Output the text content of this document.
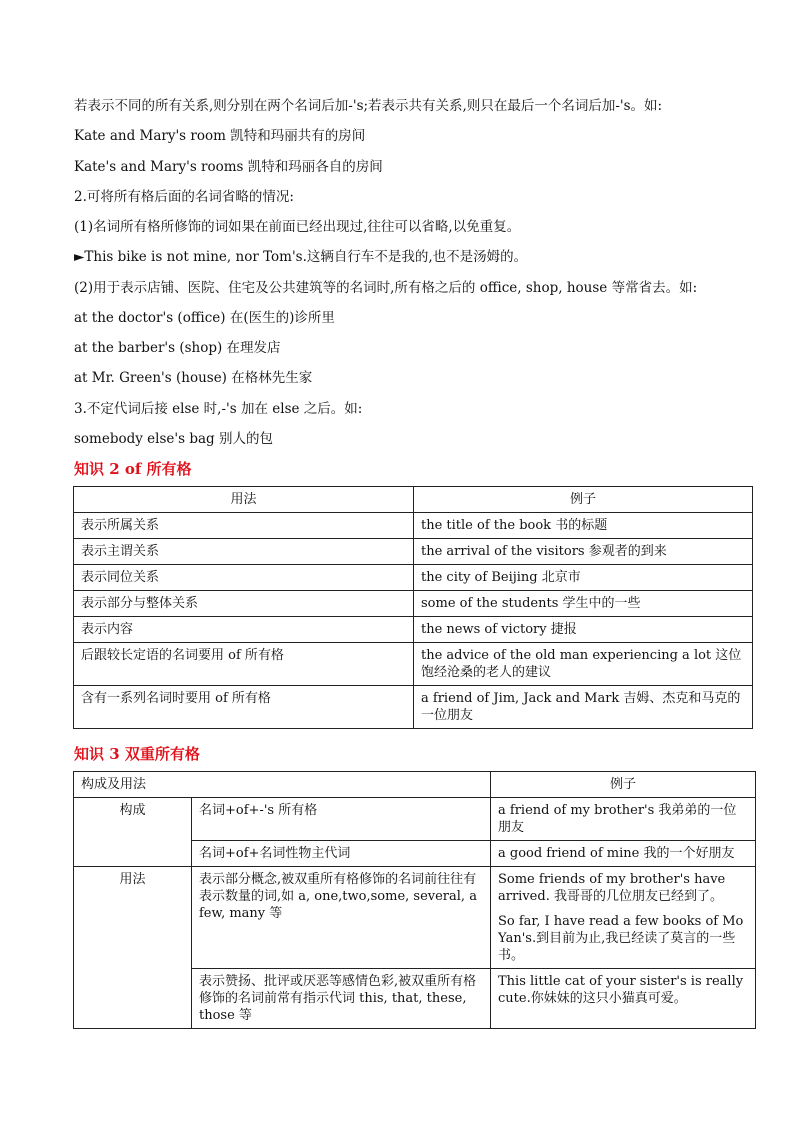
若表示不同的所有关系,则分别在两个名词后加-'s;若表示共有关系,则只在最后一个名词后加-'s。如:
Kate and Mary's room 凯特和玛丽共有的房间
Kate's and Mary's rooms 凯特和玛丽各自的房间
2.可将所有格后面的名词省略的情况:
(1)名词所有格所修饰的词如果在前面已经出现过,往往可以省略,以免重复。
►This bike is not mine, nor Tom's.这辆自行车不是我的,也不是汤姆的。
(2)用于表示店铺、医院、住宅及公共建筑等的名词时,所有格之后的 office, shop, house 等常省去。如:
at the doctor's (office) 在(医生的)诊所里
at the barber's (shop) 在理发店
at Mr. Green's (house) 在格林先生家
3.不定代词后接 else 时,-'s 加在 else 之后。如:
somebody else's bag 别人的包
知识 2 of 所有格
用法	例子
表示所属关系	the title of the book 书的标题
表示主谓关系	the arrival of the visitors 参观者的到来
表示同位关系	the city of Beijing 北京市
表示部分与整体关系	some of the students 学生中的一些
表示内容	the news of victory 捷报
后跟较长定语的名词要用 of 所有格	the advice of the old man experiencing a lot 这位饱经沧桑的老人的建议
含有一系列名词时要用 of 所有格	a friend of Jim, Jack and Mark 吉姆、杰克和马克的一位朋友
知识 3 双重所有格
构成及用法		例子
构成	名词+of+-'s 所有格	a friend of my brother's 我弟弟的一位朋友
	名词+of+名词性物主代词	a good friend of mine 我的一个好朋友
用法	表示部分概念,被双重所有格修饰的名词前往往有表示数量的词,如 a, one,two,some, several, a few, many 等	Some friends of my brother's have arrived. 我哥哥的几位朋友已经到了。

So far, I have read a few books of Mo Yan's.到目前为止,我已经读了莫言的一些书。

	表示赞扬、批评或厌恶等感情色彩,被双重所有格修饰的名词前常有指示代词 this, that, these, those 等	This little cat of your sister's is really cute.你妹妹的这只小猫真可爱。
